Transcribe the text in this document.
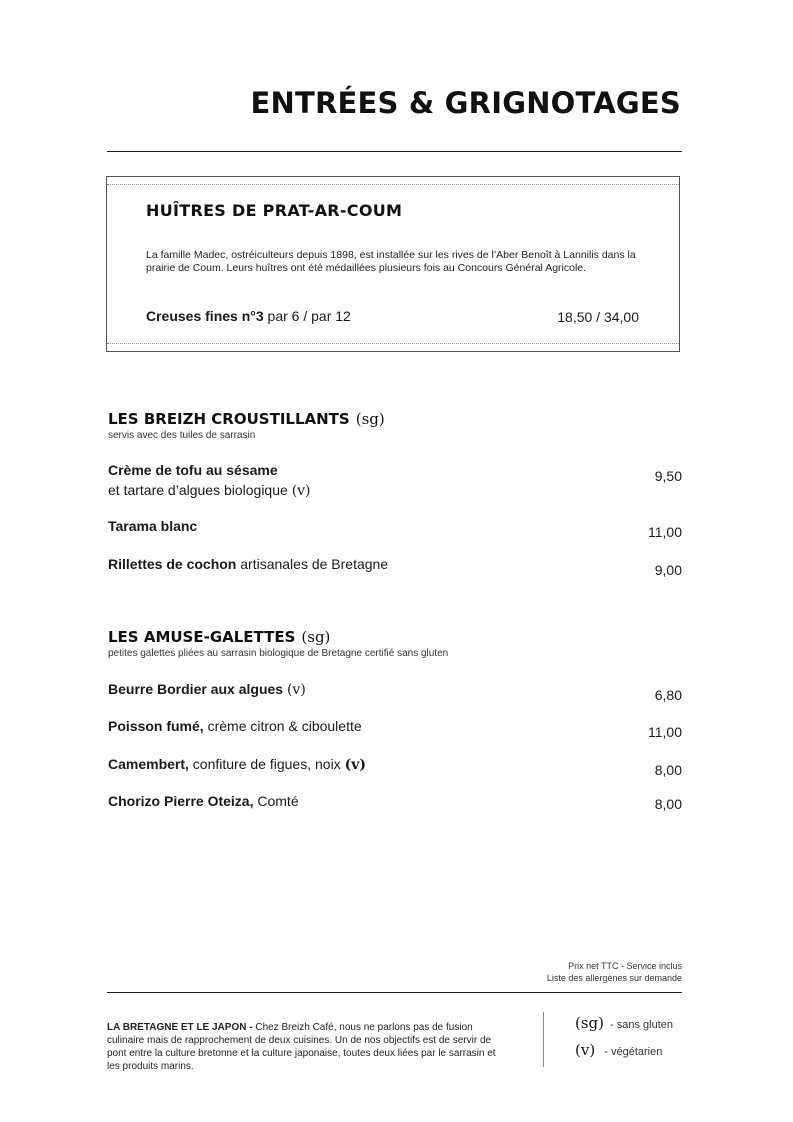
ENTRÉES & GRIGNOTAGES
HUÎTRES DE PRAT-AR-COUM

La famille Madec, ostréiculteurs depuis 1898, est installée sur les rives de l’Aber Benoît à Lannilis dans la prairie de Coum. Leurs huîtres ont été médaillées plusieurs fois au Concours Général Agricole.

Creuses fines n°3 par 6 / par 12	18,50 / 34,00
LES BREIZH CROUSTILLANTS (sg)
servis avec des tuiles de sarrasin
Crème de tofu au sésame
et tartare d’algues biologique (v)
9,50
Tarama blanc	11,00
Rillettes de cochon artisanales de Bretagne	9,00
LES AMUSE-GALETTES (sg)
petites galettes pliées au sarrasin biologique de Bretagne certifié sans gluten
Beurre Bordier aux algues (v)	6,80
Poisson fumé, crème citron & ciboulette	11,00
Camembert, confiture de figues, noix (v)	8,00
Chorizo Pierre Oteiza, Comté	8,00
Prix net TTC - Service inclus
Liste des allergènes sur demande
LA BRETAGNE ET LE JAPON - Chez Breizh Café, nous ne parlons pas de fusion culinaire mais de rapprochement de deux cuisines. Un de nos objectifs est de servir de pont entre la culture bretonne et la culture japonaise, toutes deux liées par le sarrasin et les produits marins.
(sg) - sans gluten
(v) - végétarien
